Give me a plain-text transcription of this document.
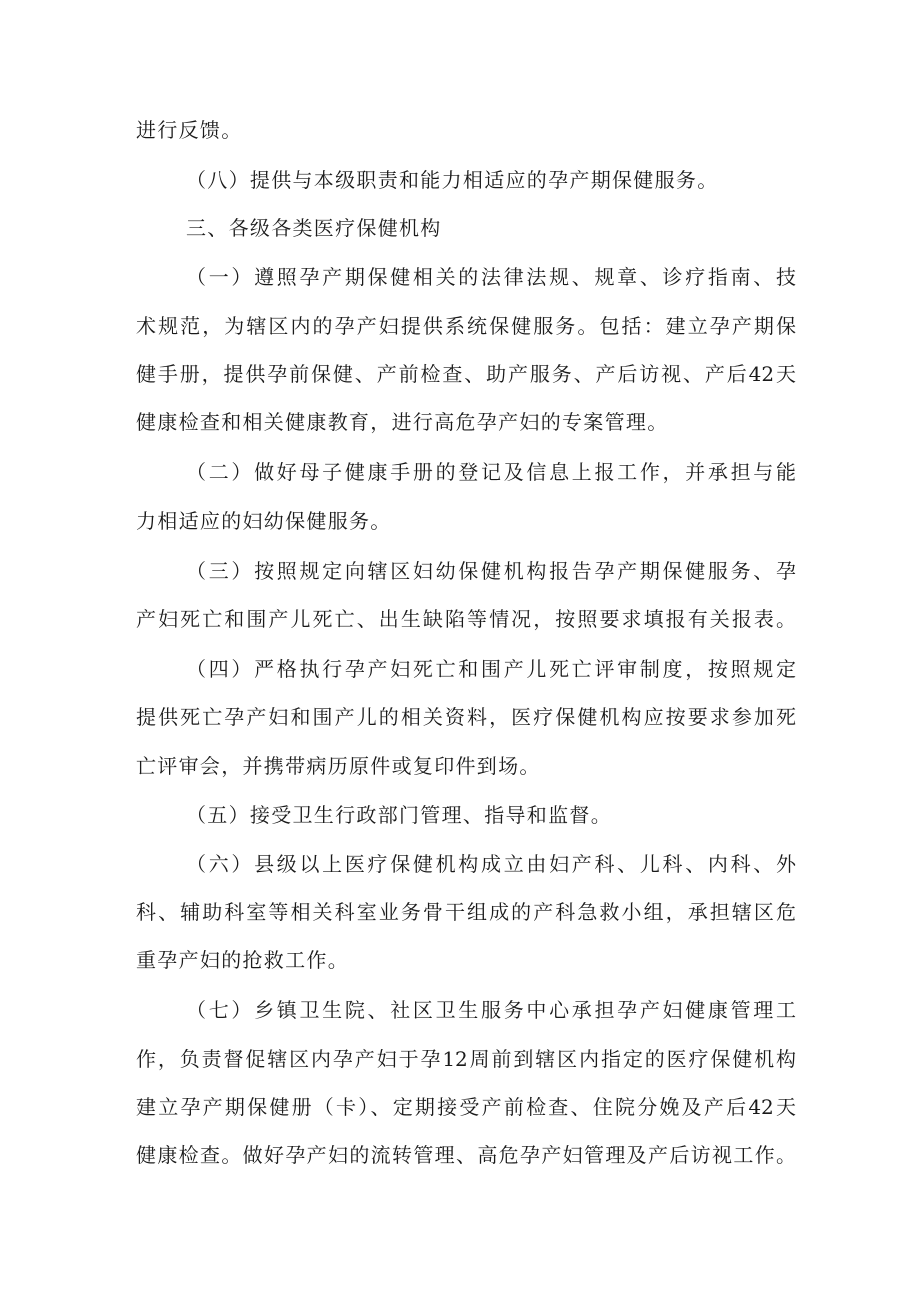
进行反馈。
（八）提供与本级职责和能力相适应的孕产期保健服务。
三、各级各类医疗保健机构
（一）遵照孕产期保健相关的法律法规、规章、诊疗指南、技
术规范，为辖区内的孕产妇提供系统保健服务。包括：建立孕产期保
健手册，提供孕前保健、产前检查、助产服务、产后访视、产后42天
健康检查和相关健康教育，进行高危孕产妇的专案管理。
（二）做好母子健康手册的登记及信息上报工作，并承担与能
力相适应的妇幼保健服务。
（三）按照规定向辖区妇幼保健机构报告孕产期保健服务、孕
产妇死亡和围产儿死亡、出生缺陷等情况，按照要求填报有关报表。
（四）严格执行孕产妇死亡和围产儿死亡评审制度，按照规定
提供死亡孕产妇和围产儿的相关资料，医疗保健机构应按要求参加死
亡评审会，并携带病历原件或复印件到场。
（五）接受卫生行政部门管理、指导和监督。
（六）县级以上医疗保健机构成立由妇产科、儿科、内科、外
科、辅助科室等相关科室业务骨干组成的产科急救小组，承担辖区危
重孕产妇的抢救工作。
（七）乡镇卫生院、社区卫生服务中心承担孕产妇健康管理工
作，负责督促辖区内孕产妇于孕12周前到辖区内指定的医疗保健机构
建立孕产期保健册（卡）、定期接受产前检查、住院分娩及产后42天
健康检查。做好孕产妇的流转管理、高危孕产妇管理及产后访视工作。
